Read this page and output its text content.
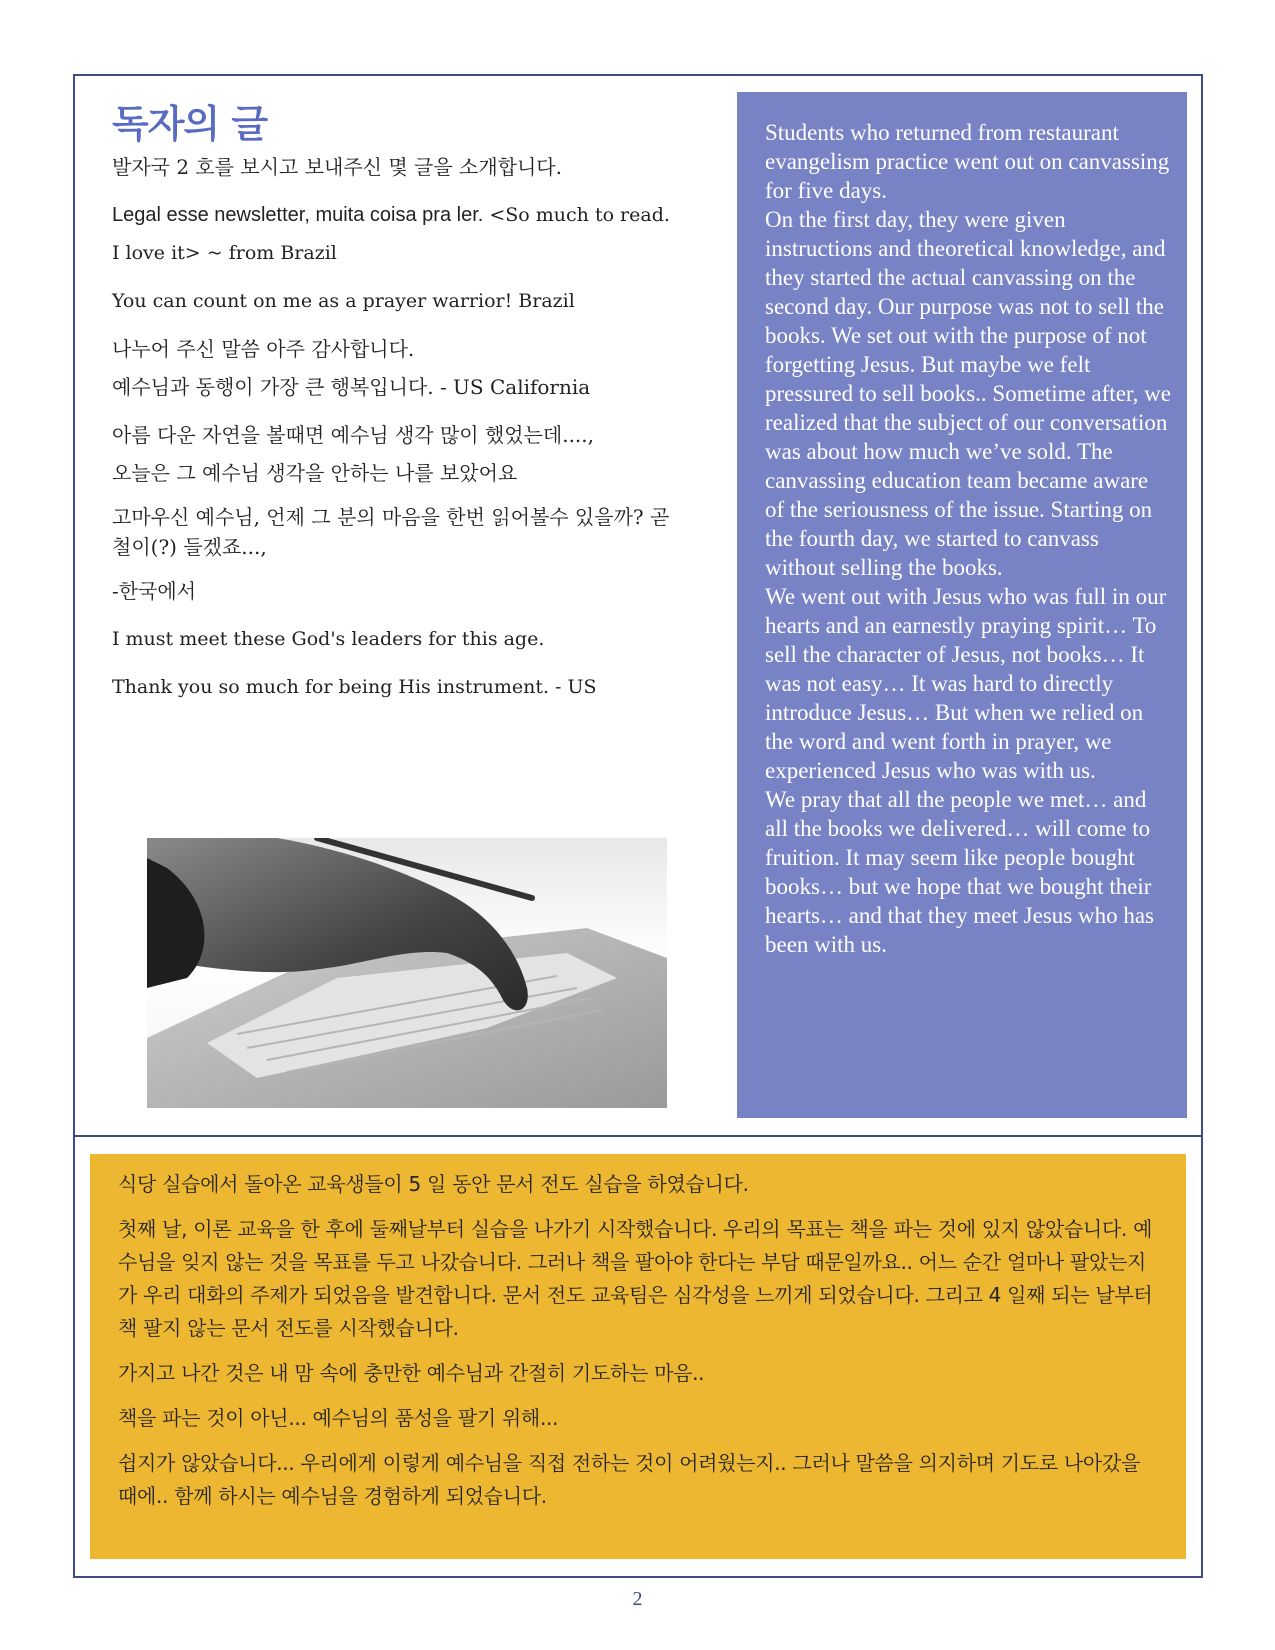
독자의 글

발자국 2 호를 보시고 보내주신 몇 글을 소개합니다.

Legal esse newsletter, muita coisa pra ler. <So much to read. I love it> ~ from Brazil

You can count on me as a prayer warrior! Brazil

나누어 주신 말씀 아주 감사합니다.
예수님과 동행이 가장 큰 행복입니다. - US California

아름 다운 자연을 볼때면 예수님 생각 많이 했었는데....,
오늘은 그 예수님 생각을 안하는 나를 보았어요

고마우신 예수님, 언제 그 분의 마음을 한번 읽어볼수 있을까? 곧 철이(?) 들겠죠...,

-한국에서

I must meet these God's leaders for this age.

Thank you so much for being His instrument. - US

Students who returned from restaurant evangelism practice went out on canvassing for five days.

On the first day, they were given instructions and theoretical knowledge, and they started the actual canvassing on the second day. Our purpose was not to sell the books. We set out with the purpose of not forgetting Jesus. But maybe we felt pressured to sell books.. Sometime after, we realized that the subject of our conversation was about how much we’ve sold. The canvassing education team became aware of the seriousness of the issue. Starting on the fourth day, we started to canvass without selling the books.

We went out with Jesus who was full in our hearts and an earnestly praying spirit… To sell the character of Jesus, not books… It was not easy… It was hard to directly introduce Jesus… But when we relied on the word and went forth in prayer, we experienced Jesus who was with us.

We pray that all the people we met… and all the books we delivered… will come to fruition. It may seem like people bought books… but we hope that we bought their hearts… and that they meet Jesus who has been with us.

식당 실습에서 돌아온 교육생들이 5 일 동안 문서 전도 실습을 하였습니다.

첫째 날, 이론 교육을 한 후에 둘째날부터 실습을 나가기 시작했습니다. 우리의 목표는 책을 파는 것에 있지 않았습니다. 예수님을 잊지 않는 것을 목표를 두고 나갔습니다. 그러나 책을 팔아야 한다는 부담 때문일까요.. 어느 순간 얼마나 팔았는지가 우리 대화의 주제가 되었음을 발견합니다. 문서 전도 교육팀은 심각성을 느끼게 되었습니다. 그리고 4 일째 되는 날부터 책 팔지 않는 문서 전도를 시작했습니다.

가지고 나간 것은 내 맘 속에 충만한 예수님과 간절히 기도하는 마음..

책을 파는 것이 아닌... 예수님의 품성을 팔기 위해...

쉽지가 않았습니다... 우리에게 이렇게 예수님을 직접 전하는 것이 어려웠는지.. 그러나 말씀을 의지하며 기도로 나아갔을 때에.. 함께 하시는 예수님을 경험하게 되었습니다.

2
